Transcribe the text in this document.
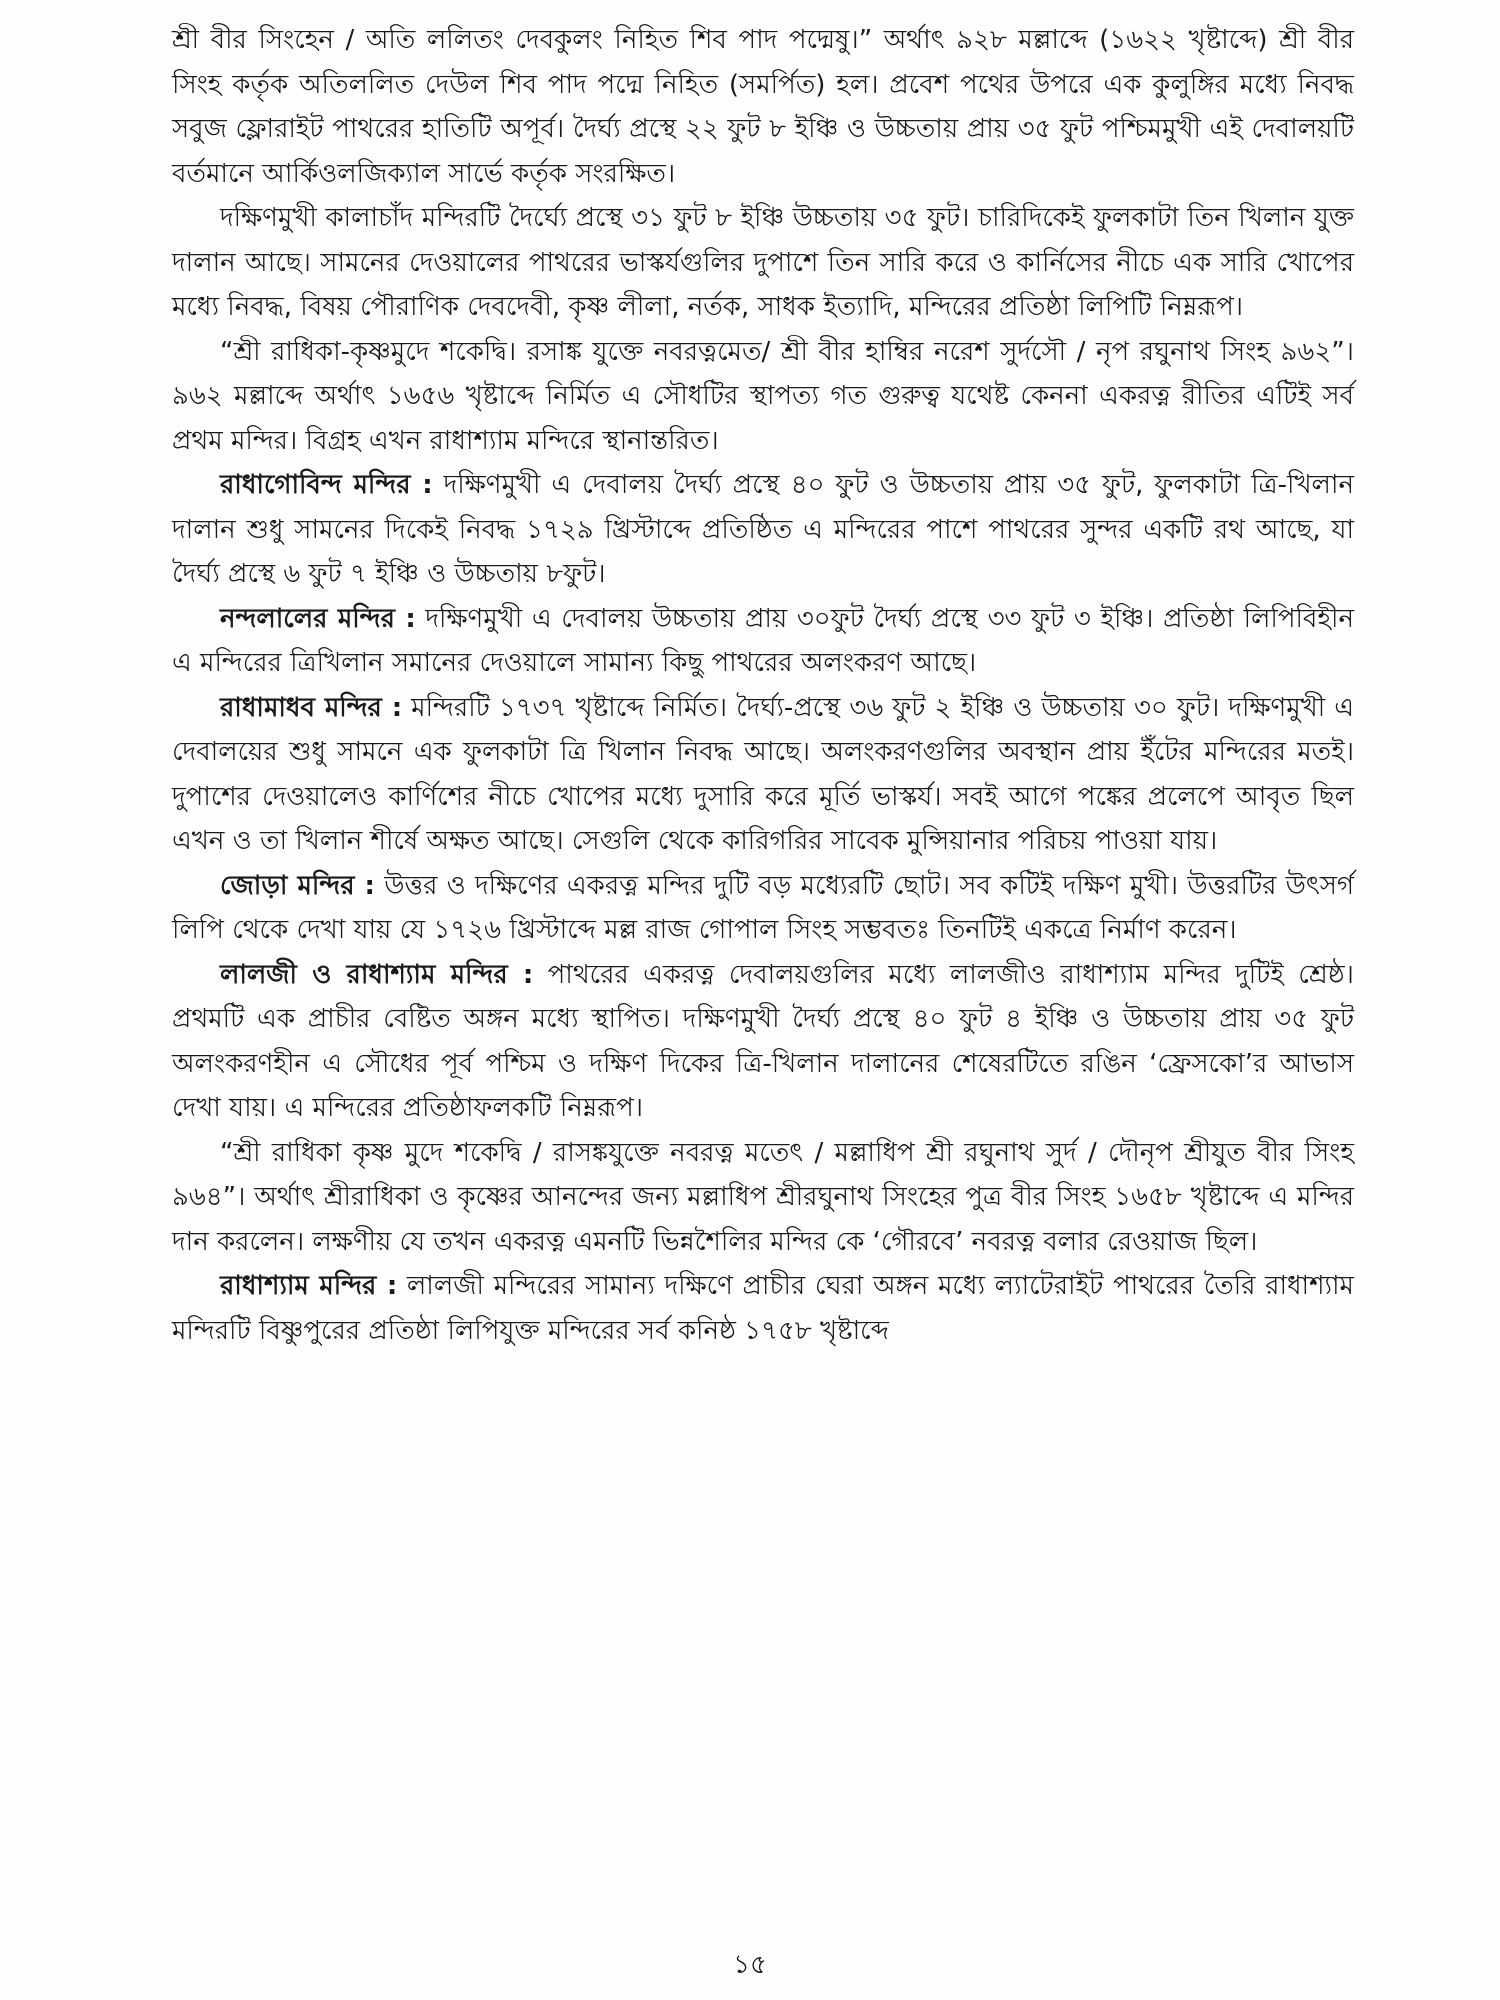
শ্রী বীর সিংহেন / অতি ললিতং দেবকুলং নিহিত শিব পাদ পদ্মেষু।” অর্থাৎ ৯২৮ মল্লাব্দে (১৬২২ খৃষ্টাব্দে) শ্রী বীর সিংহ কর্তৃক অতিললিত দেউল শিব পাদ পদ্মে নিহিত (সমর্পিত) হল। প্রবেশ পথের উপরে এক কুলুঙ্গির মধ্যে নিবদ্ধ সবুজ ফ্লোরাইট পাথরের হাতিটি অপূর্ব। দৈর্ঘ্য প্রস্থে ২২ ফুট ৮ ইঞ্চি ও উচ্চতায় প্রায় ৩৫ ফুট পশ্চিমমুখী এই দেবালয়টি বর্তমানে আর্কিওলজিক্যাল সার্ভে কর্তৃক সংরক্ষিত।

দক্ষিণমুখী কালাচাঁদ মন্দিরটি দৈর্ঘ্যে প্রস্থে ৩১ ফুট ৮ ইঞ্চি উচ্চতায় ৩৫ ফুট। চারিদিকেই ফুলকাটা তিন খিলান যুক্ত দালান আছে। সামনের দেওয়ালের পাথরের ভাস্কর্যগুলির দুপাশে তিন সারি করে ও কার্নিসের নীচে এক সারি খোপের মধ্যে নিবদ্ধ, বিষয় পৌরাণিক দেবদেবী, কৃষ্ণ লীলা, নর্তক, সাধক ইত্যাদি, মন্দিরের প্রতিষ্ঠা লিপিটি নিম্নরূপ।

“শ্রী রাধিকা-কৃষ্ণমুদে শকেদ্বি। রসাঙ্ক যুক্তে নবরত্নমেত/ শ্রী বীর হাম্বির নরেশ সুর্দসৌ / নৃপ রঘুনাথ সিংহ ৯৬২”। ৯৬২ মল্লাব্দে অর্থাৎ ১৬৫৬ খৃষ্টাব্দে নির্মিত এ সৌধটির স্থাপত্য গত গুরুত্ব যথেষ্ট কেননা একরত্ন রীতির এটিই সর্ব প্রথম মন্দির। বিগ্রহ এখন রাধাশ্যাম মন্দিরে স্থানান্তরিত।

রাধাগোবিন্দ মন্দির : দক্ষিণমুখী এ দেবালয় দৈর্ঘ্য প্রস্থে ৪০ ফুট ও উচ্চতায় প্রায় ৩৫ ফুট, ফুলকাটা ত্রি-খিলান দালান শুধু সামনের দিকেই নিবদ্ধ ১৭২৯ খ্রিস্টাব্দে প্রতিষ্ঠিত এ মন্দিরের পাশে পাথরের সুন্দর একটি রথ আছে, যা দৈর্ঘ্য প্রস্থে ৬ ফুট ৭ ইঞ্চি ও উচ্চতায় ৮ফুট।

নন্দলালের মন্দির : দক্ষিণমুখী এ দেবালয় উচ্চতায় প্রায় ৩০ফুট দৈর্ঘ্য প্রস্থে ৩৩ ফুট ৩ ইঞ্চি। প্রতিষ্ঠা লিপিবিহীন এ মন্দিরের ত্রিখিলান সমানের দেওয়ালে সামান্য কিছু পাথরের অলংকরণ আছে।

রাধামাধব মন্দির : মন্দিরটি ১৭৩৭ খৃষ্টাব্দে নির্মিত। দৈর্ঘ্য-প্রস্থে ৩৬ ফুট ২ ইঞ্চি ও উচ্চতায় ৩০ ফুট। দক্ষিণমুখী এ দেবালয়ের শুধু সামনে এক ফুলকাটা ত্রি খিলান নিবদ্ধ আছে। অলংকরণগুলির অবস্থান প্রায় ইঁটের মন্দিরের মতই। দুপাশের দেওয়ালেও কার্ণিশের নীচে খোপের মধ্যে দুসারি করে মূর্তি ভাস্কর্য। সবই আগে পঙ্কের প্রলেপে আবৃত ছিল এখন ও তা খিলান শীর্ষে অক্ষত আছে। সেগুলি থেকে কারিগরির সাবেক মুন্সিয়ানার পরিচয় পাওয়া যায়।

জোড়া মন্দির : উত্তর ও দক্ষিণের একরত্ন মন্দির দুটি বড় মধ্যেরটি ছোট। সব কটিই দক্ষিণ মুখী। উত্তরটির উৎসর্গ লিপি থেকে দেখা যায় যে ১৭২৬ খ্রিস্টাব্দে মল্ল রাজ গোপাল সিংহ সম্ভবতঃ তিনটিই একত্রে নির্মাণ করেন।

লালজী ও রাধাশ্যাম মন্দির : পাথরের একরত্ন দেবালয়গুলির মধ্যে লালজীও রাধাশ্যাম মন্দির দুটিই শ্রেষ্ঠ। প্রথমটি এক প্রাচীর বেষ্টিত অঙ্গন মধ্যে স্থাপিত। দক্ষিণমুখী দৈর্ঘ্য প্রস্থে ৪০ ফুট ৪ ইঞ্চি ও উচ্চতায় প্রায় ৩৫ ফুট অলংকরণহীন এ সৌধের পূর্ব পশ্চিম ও দক্ষিণ দিকের ত্রি-খিলান দালানের শেষেরটিতে রঙিন ‘ফ্রেসকো’র আভাস দেখা যায়। এ মন্দিরের প্রতিষ্ঠাফলকটি নিম্নরূপ।

“শ্রী রাধিকা কৃষ্ণ মুদে শকেদ্বি / রাসঙ্কযুক্তে নবরত্ন মতেৎ / মল্লাধিপ শ্রী রঘুনাথ সুর্দ / দৌনৃপ শ্রীযুত বীর সিংহ ৯৬৪”। অর্থাৎ শ্রীরাধিকা ও কৃষ্ণের আনন্দের জন্য মল্লাধিপ শ্রীরঘুনাথ সিংহের পুত্র বীর সিংহ ১৬৫৮ খৃষ্টাব্দে এ মন্দির দান করলেন। লক্ষণীয় যে তখন একরত্ন এমনটি ভিন্নশৈলির মন্দির কে ‘গৌরবে’ নবরত্ন বলার রেওয়াজ ছিল।

রাধাশ্যাম মন্দির : লালজী মন্দিরের সামান্য দক্ষিণে প্রাচীর ঘেরা অঙ্গন মধ্যে ল্যাটেরাইট পাথরের তৈরি রাধাশ্যাম মন্দিরটি বিষ্ণুপুরের প্রতিষ্ঠা লিপিযুক্ত মন্দিরের সর্ব কনিষ্ঠ ১৭৫৮ খৃষ্টাব্দে

১৫
